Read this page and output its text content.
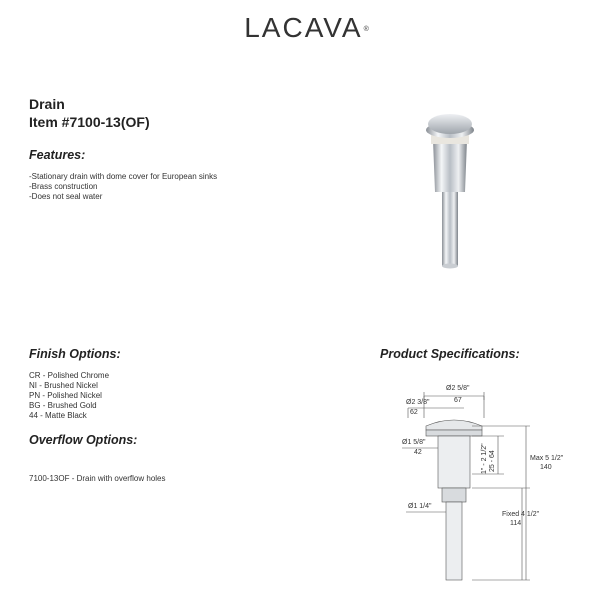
LACAVA®
Drain
Item #7100-13(OF)
Features:
-Stationary drain with dome cover for European sinks
-Brass construction
-Does not seal water
Finish Options:
CR - Polished Chrome
NI - Brushed Nickel
PN - Polished Nickel
BG - Brushed Gold
44 - Matte Black
Overflow Options:
7100-13OF - Drain with overflow holes
Product Specifications:
Ø2 5/8"
67
Ø2 3/8"
62
Ø1 5/8"
42
Max 5 1/2"
140
1" - 2 1/2" 25 - 64
Ø1 1/4"
Fixed 4 1/2"
114
